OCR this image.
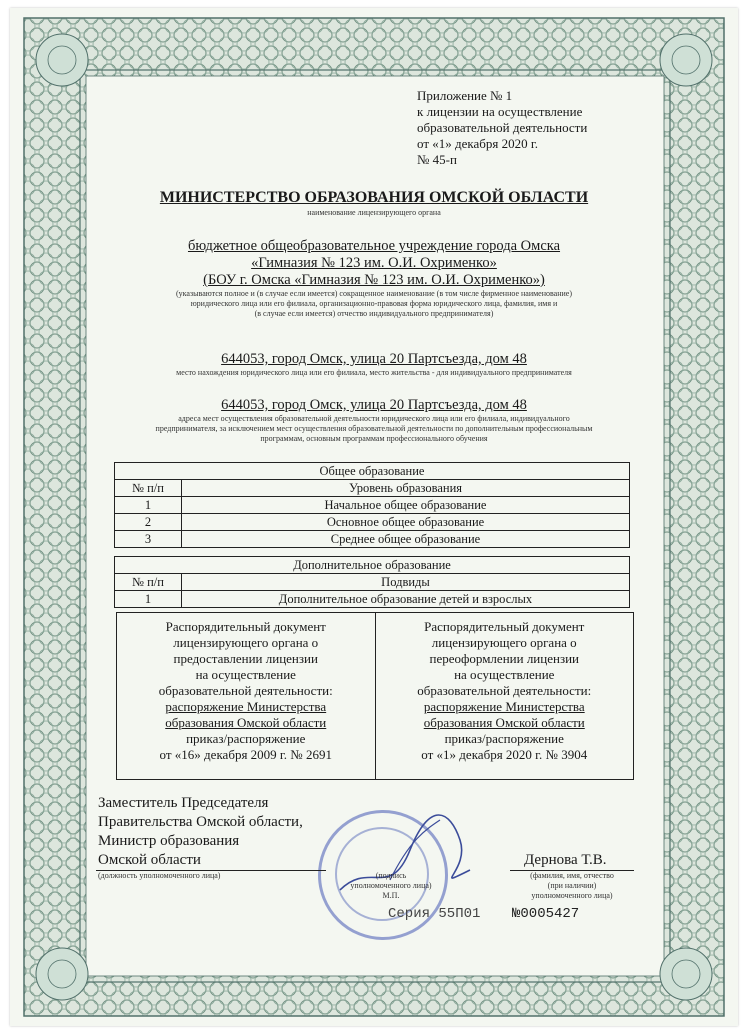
Приложение № 1
к лицензии на осуществление
образовательной деятельности
от «1» декабря 2020 г.
№ 45-п
МИНИСТЕРСТВО ОБРАЗОВАНИЯ ОМСКОЙ ОБЛАСТИ
наименование лицензирующего органа
бюджетное общеобразовательное учреждение города Омска
«Гимназия № 123 им. О.И. Охрименко»
(БОУ г. Омска «Гимназия № 123 им. О.И. Охрименко»)
(указываются полное и (в случае если имеется) сокращенное наименование (в том числе фирменное наименование)
юридического лица или его филиала, организационно-правовая форма юридического лица, фамилия, имя и
(в случае если имеется) отчество индивидуального предпринимателя)
644053, город Омск, улица 20 Партсъезда, дом 48
место нахождения юридического лица или его филиала, место жительства - для индивидуального предпринимателя
644053, город Омск, улица 20 Партсъезда, дом 48
адреса мест осуществления образовательной деятельности юридического лица или его филиала, индивидуального
предпринимателя, за исключением мест осуществления образовательной деятельности по дополнительным профессиональным
программам, основным программам профессионального обучения
Общее образование	
№ п/п	Уровень образования
1	Начальное общее образование
2	Основное общее образование
3	Среднее общее образование
Дополнительное образование	
№ п/п	Подвиды
1	Дополнительное образование детей и взрослых
Распорядительный документ
лицензирующего органа о
предоставлении лицензии
на осуществление
образовательной деятельности:
распоряжение Министерства
образования Омской области
приказ/распоряжение
от «16» декабря 2009 г. № 2691
Распорядительный документ
лицензирующего органа о
переоформлении лицензии
на осуществление
образовательной деятельности:
распоряжение Министерства
образования Омской области
приказ/распоряжение
от «1» декабря 2020 г. № 3904
Заместитель Председателя
Правительства Омской области,
Министр образования
Омской области
(должность уполномоченного лица)	(подпись
уполномоченного лица)
М.П.
Дернова Т.В.
(фамилия, имя, отчество
(при наличии)
уполномоченного лица)
Серия 55П01 №0005427
